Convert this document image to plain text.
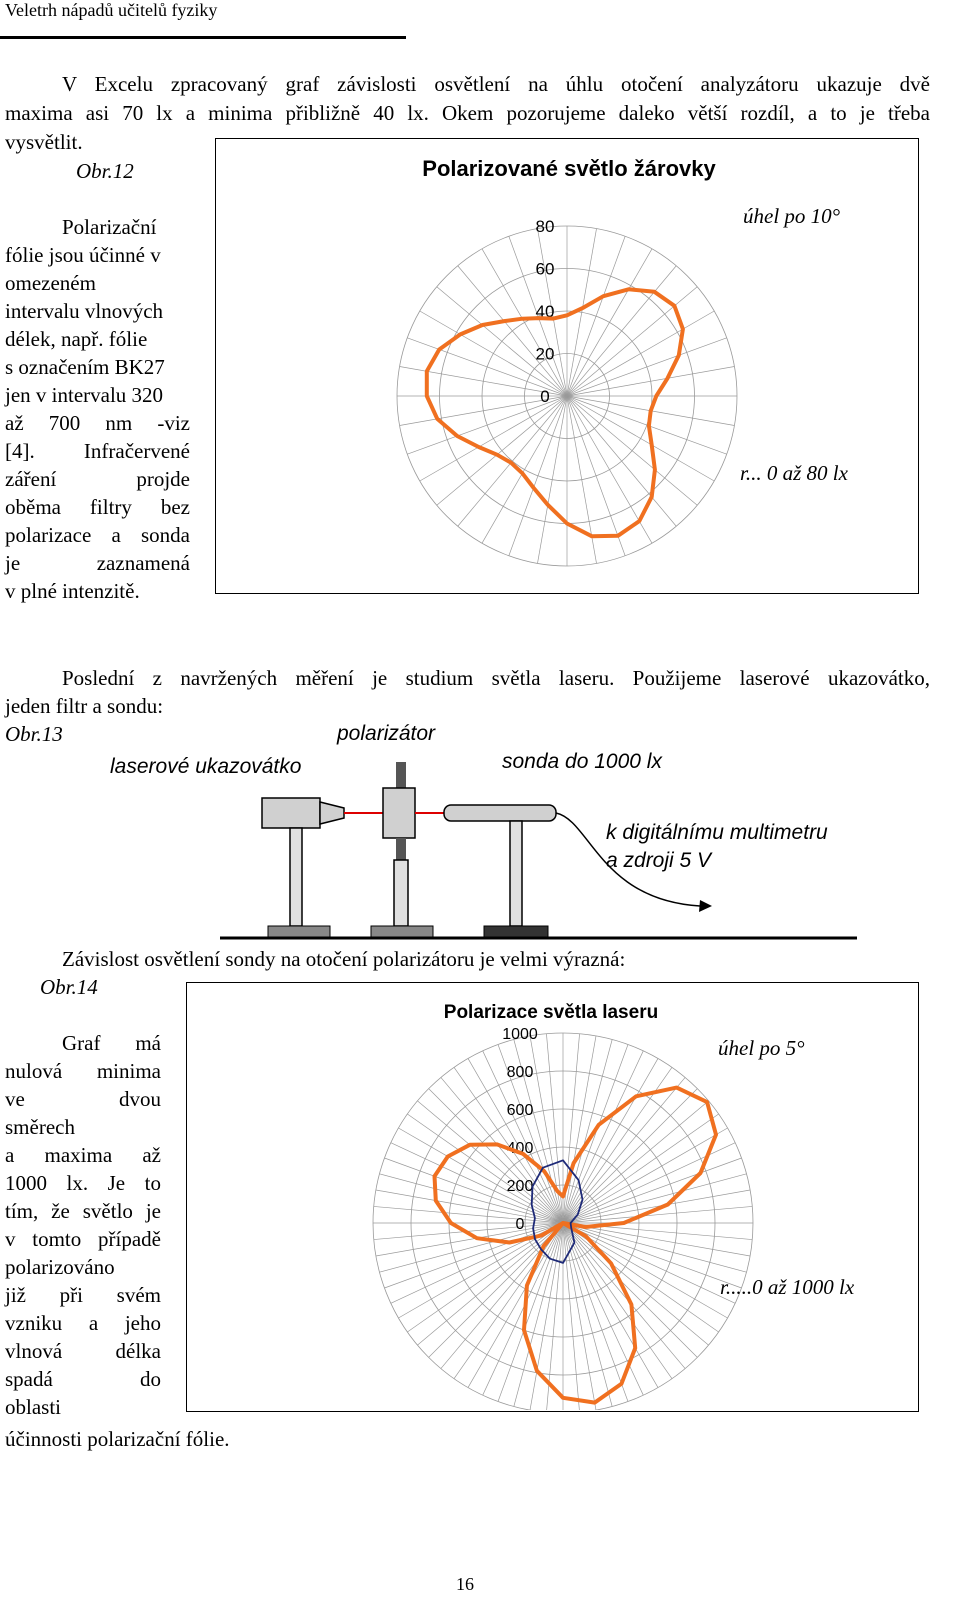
Veletrh nápadů učitelů fyziky
V Excelu zpracovaný graf závislosti osvětlení na úhlu otočení analyzátoru ukazuje dvě
maxima asi 70 lx a minima přibližně 40 lx. Okem pozorujeme daleko větší rozdíl, a to je třeba
vysvětlit.
Obr.12
Polarizační
fólie jsou účinné v
omezeném
intervalu vlnových
délek, např. fólie
s označením BK27
jen v intervalu 320
až 700 nm -viz
[4]. Infračervené
záření projde
oběma filtry bez
polarizace a sonda
je zaznamená
v plné intenzitě.
Polarizované světlo žárovky
0
20
40
60
80	úhel po 10°
r... 0 až 80 lx
Poslední z navržených měření je studium světla laseru. Použijeme laserové ukazovátko,
jeden filtr a sondu:
Obr.13	polarizátor
laserové ukazovátko	sonda do 1000 lx
k digitálnímu multimetru
a zdroji 5 V
Závislost osvětlení sondy na otočení polarizátoru je velmi výrazná:
Obr.14
Graf má
nulová minima
ve dvou
směrech
a maxima až
1000 lx. Je to
tím, že světlo je
v tomto případě
polarizováno
již při svém
vzniku a jeho
vlnová délka
spadá do
oblasti
účinnosti polarizační fólie.
Polarizace světla laseru
0
200
400
600
800
1000
úhel po 5°
r.....0 až 1000 lx
16
